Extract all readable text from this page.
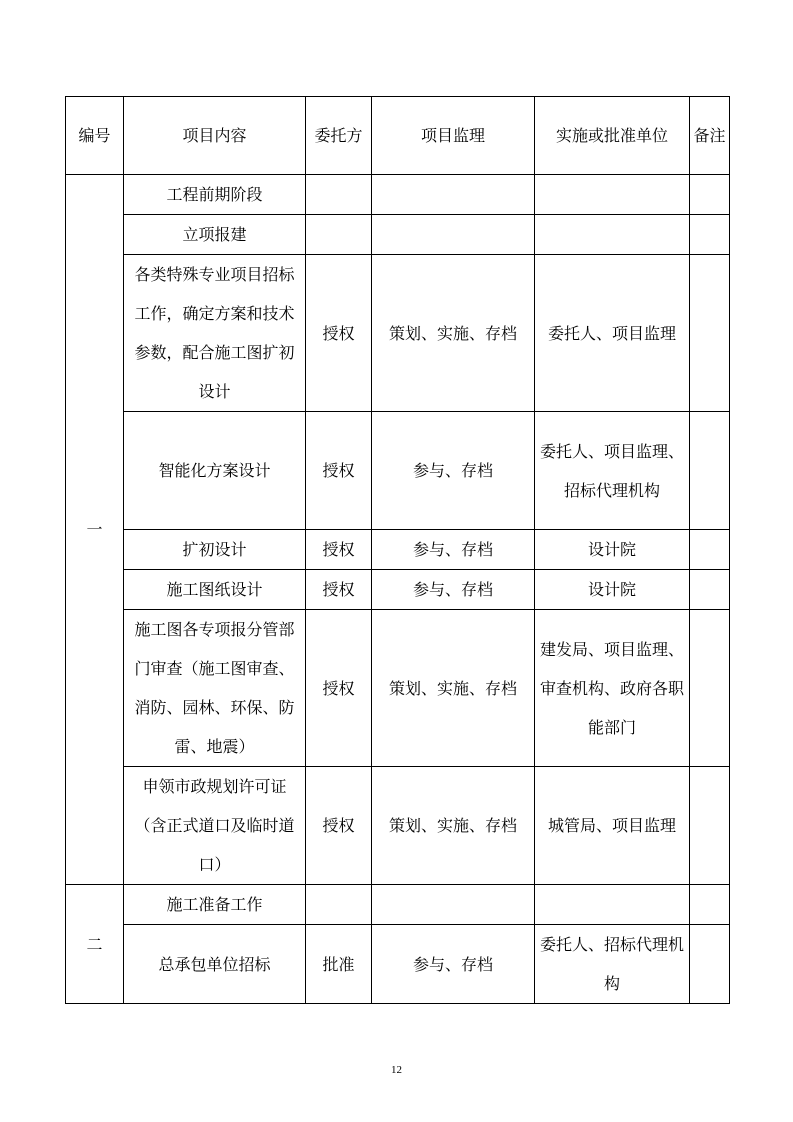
编号	项目内容	委托方	项目监理	实施或批准单位	备注
一	工程前期阶段				
	立项报建				
	各类特殊专业项目招标工作，确定方案和技术参数，配合施工图扩初设计	授权	策划、实施、存档	委托人、项目监理	
	智能化方案设计	授权	参与、存档	委托人、项目监理、招标代理机构	
	扩初设计	授权	参与、存档	设计院	
	施工图纸设计	授权	参与、存档	设计院	
	施工图各专项报分管部门审查（施工图审查、消防、园林、环保、防雷、地震）	授权	策划、实施、存档	建发局、项目监理、审查机构、政府各职能部门	
	申领市政规划许可证（含正式道口及临时道口）	授权	策划、实施、存档	城管局、项目监理	
二	施工准备工作				
	总承包单位招标	批准	参与、存档	委托人、招标代理机构	
12
